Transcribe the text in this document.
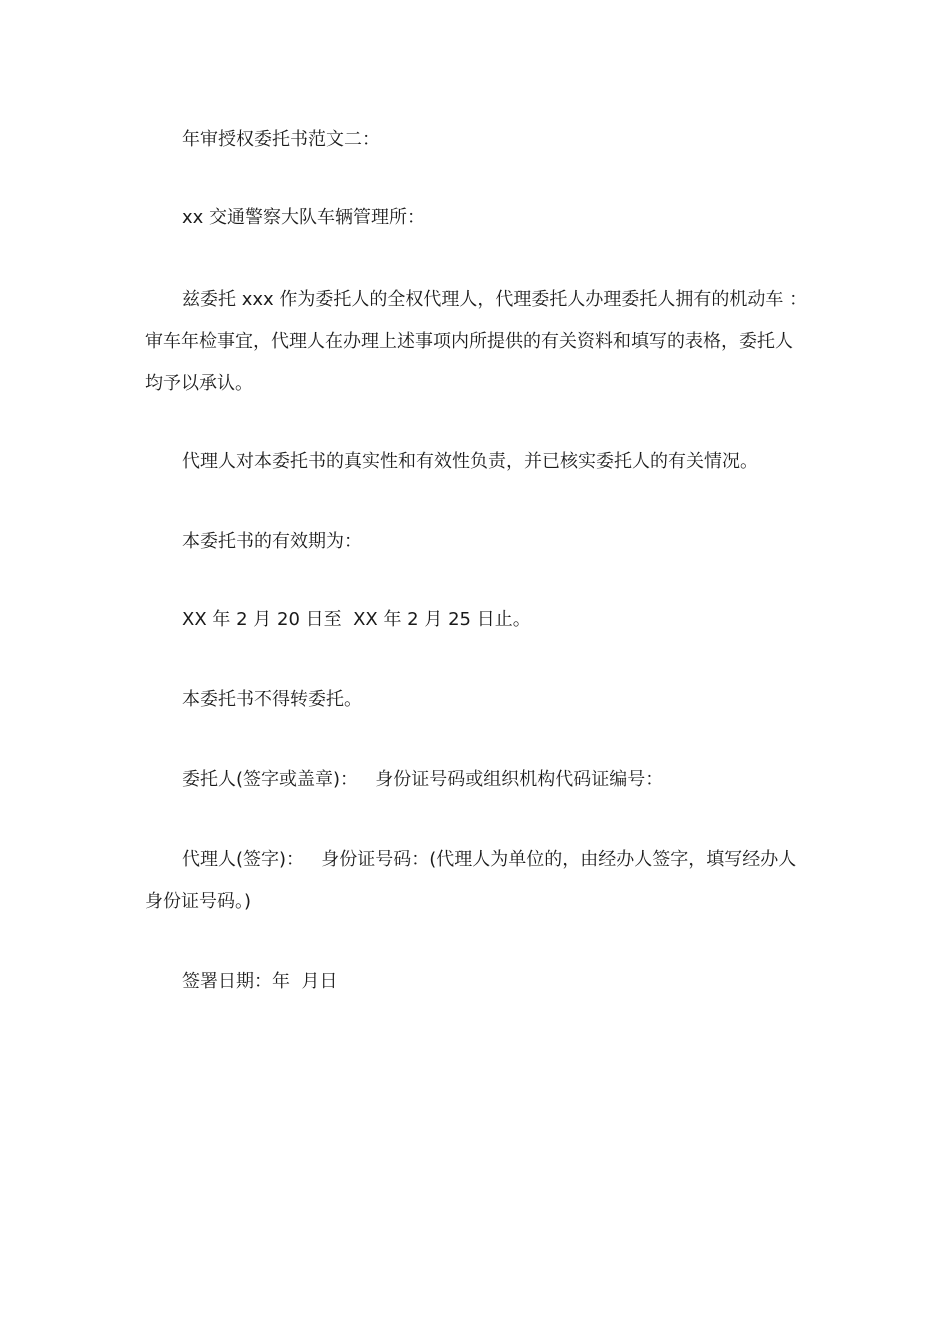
年审授权委托书范文二：

xx 交通警察大队车辆管理所：

兹委托 xxx 作为委托人的全权代理人，代理委托人办理委托人拥有的机动车 ： 审车年检事宜，代理人在办理上述事项内所提供的有关资料和填写的表格，委托人均予以承认。

代理人对本委托书的真实性和有效性负责，并已核实委托人的有关情况。

本委托书的有效期为：

XX 年 2 月 20 日至  XX 年 2 月 25 日止。

本委托书不得转委托。

委托人(签字或盖章)：   身份证号码或组织机构代码证编号：

代理人(签字)：   身份证号码：(代理人为单位的，由经办人签字，填写经办人身份证号码。)

签署日期：年  月日
